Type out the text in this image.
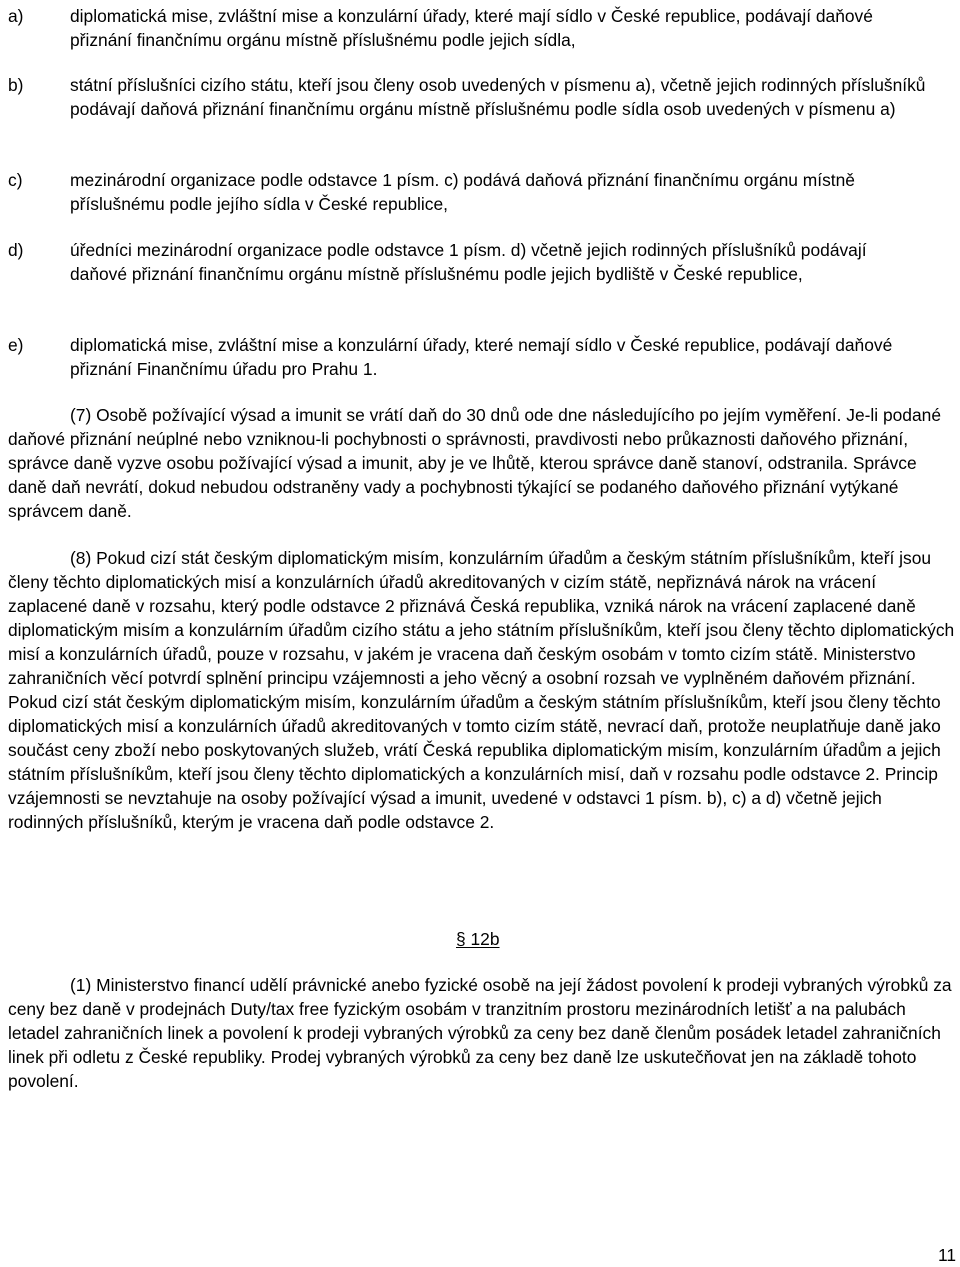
a)	diplomatická mise, zvláštní mise a konzulární úřady, které mají sídlo v České republice, podávají daňové přiznání finančnímu orgánu místně příslušnému podle jejich sídla,
b)	státní příslušníci cizího státu, kteří jsou členy osob uvedených v písmenu a), včetně jejich rodinných příslušníků podávají daňová přiznání finančnímu orgánu místně příslušnému podle sídla osob uvedených v písmenu a)
c)	mezinárodní organizace podle odstavce 1 písm. c) podává daňová přiznání finančnímu orgánu místně příslušnému podle jejího sídla v České republice,
d)	úředníci mezinárodní organizace podle odstavce 1 písm. d) včetně jejich rodinných příslušníků podávají daňové přiznání finančnímu orgánu místně příslušnému podle jejich bydliště v České republice,
e)	diplomatická mise, zvláštní mise a konzulární úřady, které nemají sídlo v České republice, podávají daňové přiznání Finančnímu úřadu pro Prahu 1.

(7) Osobě požívající výsad a imunit se vrátí daň do 30 dnů ode dne následujícího po jejím vyměření. Je-li podané daňové přiznání neúplné nebo vzniknou-li pochybnosti o správnosti, pravdivosti nebo průkaznosti daňového přiznání, správce daně vyzve osobu požívající výsad a imunit, aby je ve lhůtě, kterou správce daně stanoví, odstranila. Správce daně daň nevrátí, dokud nebudou odstraněny vady a pochybnosti týkající se podaného daňového přiznání vytýkané správcem daně.

(8) Pokud cizí stát českým diplomatickým misím, konzulárním úřadům a českým státním příslušníkům, kteří jsou členy těchto diplomatických misí a konzulárních úřadů akreditovaných v cizím státě, nepřiznává nárok na vrácení zaplacené daně v rozsahu, který podle odstavce 2 přiznává Česká republika, vzniká nárok na vrácení zaplacené daně diplomatickým misím a konzulárním úřadům cizího státu a jeho státním příslušníkům, kteří jsou členy těchto diplomatických misí a konzulárních úřadů, pouze v rozsahu, v jakém je vracena daň českým osobám v tomto cizím státě. Ministerstvo zahraničních věcí potvrdí splnění principu vzájemnosti a jeho věcný a osobní rozsah ve vyplněném daňovém přiznání. Pokud cizí stát českým diplomatickým misím, konzulárním úřadům a českým státním příslušníkům, kteří jsou členy těchto diplomatických misí a konzulárních úřadů akreditovaných v tomto cizím státě, nevrací daň, protože neuplatňuje daně jako součást ceny zboží nebo poskytovaných služeb, vrátí Česká republika diplomatickým misím, konzulárním úřadům a jejich státním příslušníkům, kteří jsou členy těchto diplomatických a konzulárních misí, daň v rozsahu podle odstavce 2. Princip vzájemnosti se nevztahuje na osoby požívající výsad a imunit, uvedené v odstavci 1 písm. b), c) a d) včetně jejich rodinných příslušníků, kterým je vracena daň podle odstavce 2.

§ 12b

(1) Ministerstvo financí udělí právnické anebo fyzické osobě na její žádost povolení k prodeji vybraných výrobků za ceny bez daně v prodejnách Duty/tax free fyzickým osobám v tranzitním prostoru mezinárodních letišť a na palubách letadel zahraničních linek a povolení k prodeji vybraných výrobků za ceny bez daně členům posádek letadel zahraničních linek při odletu z České republiky. Prodej vybraných výrobků za ceny bez daně lze uskutečňovat jen na základě tohoto povolení.

11
